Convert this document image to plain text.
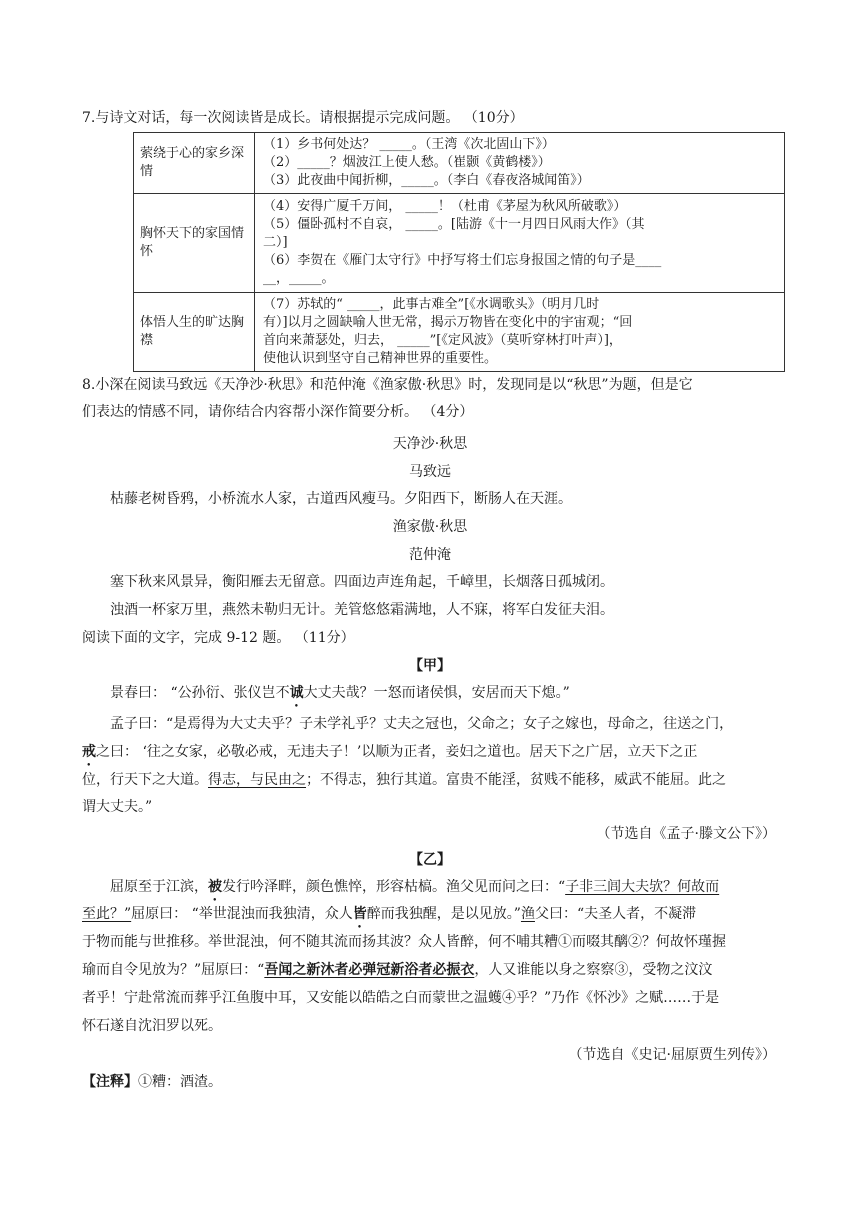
7.与诗文对话，每一次阅读皆是成长。请根据提示完成问题。 （10分）
萦绕于心的家乡深情	（1）乡书何处达？ _____。（王湾《次北固山下》）
（2）_____？烟波江上使人愁。（崔颢《黄鹤楼》）
（3）此夜曲中闻折柳，_____。（李白《春夜洛城闻笛》）

胸怀天下的家国情怀	（4）安得广厦千万间， _____！（杜甫《茅屋为秋风所破歌》）
（5）僵卧孤村不自哀， _____。[陆游《十一月四日风雨大作》（其
二）]
（6）李贺在《雁门太守行》中抒写将士们忘身报国之情的句子是____
__，_____。

体悟人生的旷达胸襟	（7）苏轼的“ _____，此事古难全”[《水调歌头》（明月几时
有）]以月之圆缺喻人世无常，揭示万物皆在变化中的宇宙观；“回
首向来萧瑟处，归去， _____”[《定风波》（莫听穿林打叶声）]，
使他认识到坚守自己精神世界的重要性。
8.小深在阅读马致远《天净沙·秋思》和范仲淹《渔家傲·秋思》时，发现同是以“秋思”为题，但是它
们表达的情感不同，请你结合内容帮小深作简要分析。 （4分）
天净沙·秋思
马致远
枯藤老树昏鸦，小桥流水人家，古道西风瘦马。夕阳西下，断肠人在天涯。
渔家傲·秋思
范仲淹
塞下秋来风景异，衡阳雁去无留意。四面边声连角起，千嶂里，长烟落日孤城闭。
浊酒一杯家万里，燕然未勒归无计。羌管悠悠霜满地，人不寐，将军白发征夫泪。
阅读下面的文字，完成 9-12 题。 （11分）
【甲】
景春曰： “公孙衍、张仪岂不诚大丈夫哉？一怒而诸侯惧，安居而天下熄。”
孟子曰：“是焉得为大丈夫乎？子未学礼乎？丈夫之冠也，父命之；女子之嫁也，母命之，往送之门，
戒之曰： ‘往之女家，必敬必戒，无违夫子！’以顺为正者，妾妇之道也。居天下之广居，立天下之正
位，行天下之大道。得志，与民由之；不得志，独行其道。富贵不能淫，贫贱不能移，威武不能屈。此之
谓大丈夫。”
（节选自《孟子·滕文公下》）
【乙】
屈原至于江滨，被发行吟泽畔，颜色憔悴，形容枯槁。渔父见而问之曰：“子非三闾大夫欤？何故而
至此？”屈原曰： “举世混浊而我独清，众人皆醉而我独醒，是以见放。”渔父曰：“夫圣人者，不凝滞
于物而能与世推移。举世混浊，何不随其流而扬其波？众人皆醉，何不哺其糟①而啜其醨②？何故怀瑾握
瑜而自令见放为？”屈原曰：“吾闻之新沐者必弹冠新浴者必振衣，人又谁能以身之察察③，受物之汶汶
者乎！宁赴常流而葬乎江鱼腹中耳，又安能以皓皓之白而蒙世之温蠖④乎？”乃作《怀沙》之赋……于是
怀石遂自沈汨罗以死。
（节选自《史记·屈原贾生列传》）
【注释】①糟：酒渣。
